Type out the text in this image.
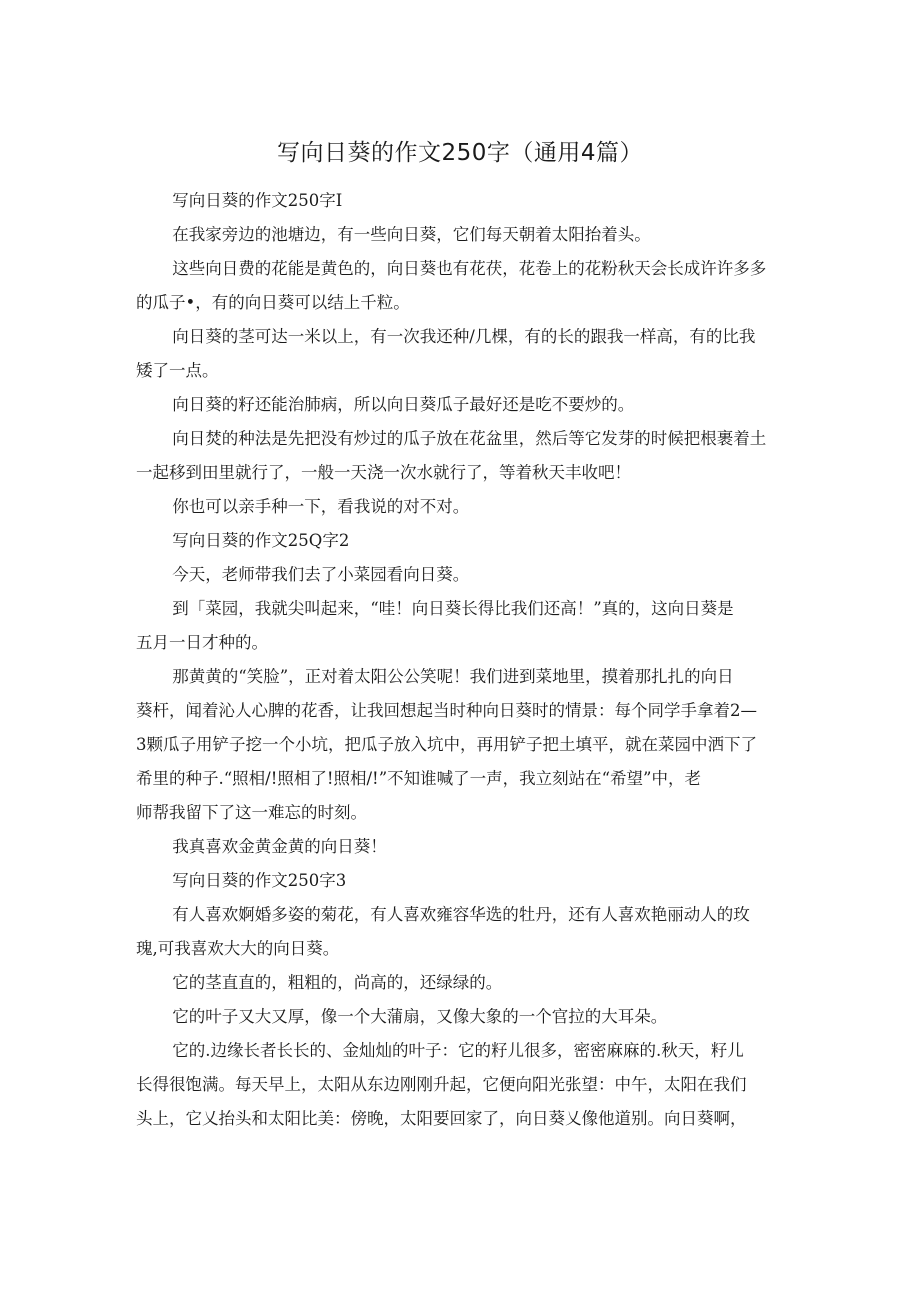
写向日葵的作文250字（通用4篇）
写向日葵的作文250字I
在我家旁边的池塘边，有一些向日葵，它们每天朝着太阳抬着头。
这些向日费的花能是黄色的，向日葵也有花茯，花卷上的花粉秋天会长成许许多多
的瓜子•，有的向日葵可以结上千粒。
向日葵的茎可达一米以上，有一次我还种/几棵，有的长的跟我一样高，有的比我
矮了一点。
向日葵的籽还能治肺病，所以向日葵瓜子最好还是吃不要炒的。
向日焚的种法是先把没有炒过的瓜子放在花盆里，然后等它发芽的时候把根裹着土
一起移到田里就行了，一般一天浇一次水就行了，等着秋天丰收吧！
你也可以亲手种一下，看我说的对不对。
写向日葵的作文25Q字2
今天，老师带我们去了小菜园看向日葵。
到「菜园，我就尖叫起来，“哇！向日葵长得比我们还高！”真的，这向日葵是
五月一日才种的。
那黄黄的“笑脸”，正对着太阳公公笑呢！我们进到菜地里，摸着那扎扎的向日
葵杆，闻着沁人心脾的花香，让我回想起当时种向日葵时的情景：每个同学手拿着2—
3颗瓜子用铲子挖一个小坑，把瓜子放入坑中，再用铲子把土填平，就在菜园中洒下了
希里的种子.“照相/!照相了!照相/!”不知谁喊了一声，我立刻站在“希望”中，老
师帮我留下了这一难忘的时刻。
我真喜欢金黄金黄的向日葵！
写向日葵的作文250字3
有人喜欢婀婚多姿的菊花，有人喜欢雍容华选的牡丹，还有人喜欢艳丽动人的玫
瑰,可我喜欢大大的向日葵。
它的茎直直的，粗粗的，尚高的，还绿绿的。
它的叶子又大又厚，像一个大蒲扇，又像大象的一个官拉的大耳朵。
它的.边缘长者长长的、金灿灿的叶子：它的籽儿很多，密密麻麻的.秋天，籽儿
长得很饱满。每天早上，太阳从东边刚刚升起，它便向阳光张望：中午，太阳在我们
头上，它乂抬头和太阳比美：傍晚，太阳要回家了，向日葵乂像他道别。向日葵啊，
